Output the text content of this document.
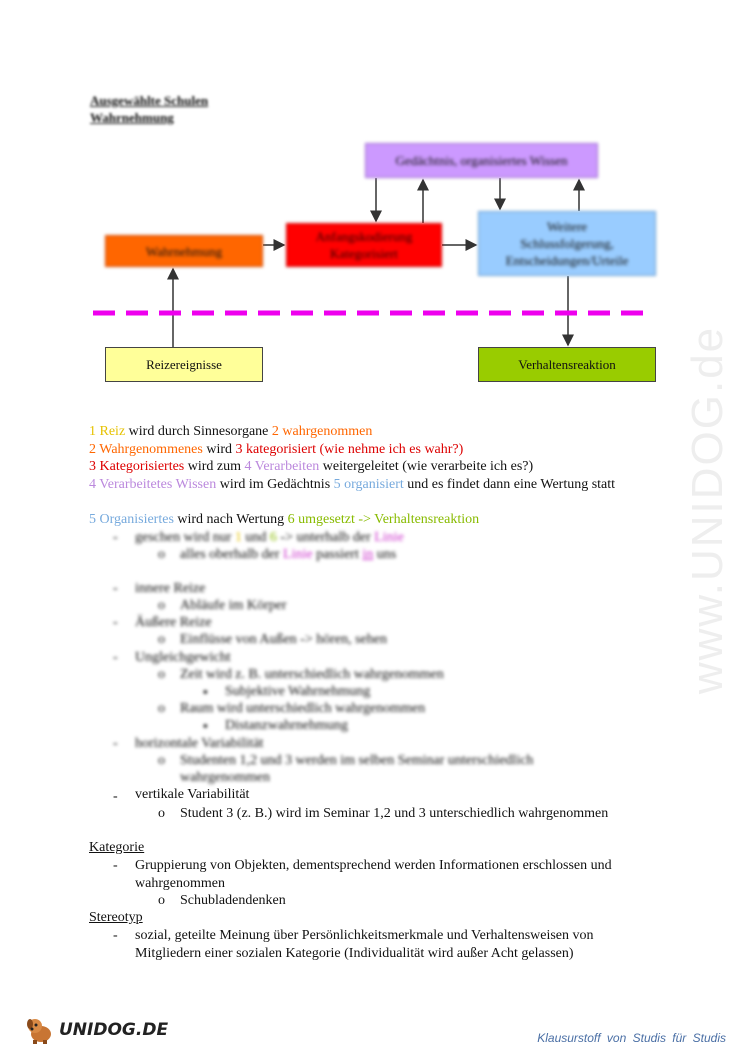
Ausgewählte Schulen
Wahrnehmung
Gedächtnis, organisiertes Wissen
Wahrnehmung
Anfangskodierung
Kategorisiert
Weitere
Schlussfolgerung,
Entscheidungen/Urteile
Reizereignisse	Verhaltensreaktion
1 Reiz wird durch Sinnesorgane 2 wahrgenommen
2 Wahrgenommenes wird 3 kategorisiert (wie nehme ich es wahr?)
3 Kategorisiertes wird zum 4 Verarbeiten weitergeleitet (wie verarbeite ich es?)
4 Verarbeitetes Wissen wird im Gedächtnis 5 organisiert und es findet dann eine Wertung statt
5 Organisiertes wird nach Wertung 6 umgesetzt -> Verhaltensreaktion
- geschen wird nur 1 und 6 -> unterhalb der Linie
o alles oberhalb der Linie passiert in uns
- innere Reize
o Abläufe im Körper
- Äußere Reize
o Einflüsse von Außen -> hören, sehen
- Ungleichgewicht
o Zeit wird z. B. unterschiedlich wahrgenommen
▪ Subjektive Wahrnehmung
o Raum wird unterschiedlich wahrgenommen
▪ Distanzwahrnehmung
- horizontale Variabilität
o Studenten 1,2 und 3 werden im selben Seminar unterschiedlich
wahrgenommen
- vertikale Variabilität
o Student 3 (z. B.) wird im Seminar 1,2 und 3 unterschiedlich wahrgenommen
Kategorie
- Gruppierung von Objekten, dementsprechend werden Informationen erschlossen und
wahrgenommen
o Schubladendenken
Stereotyp
- sozial, geteilte Meinung über Persönlichkeitsmerkmale und Verhaltensweisen von
Mitgliedern einer sozialen Kategorie (Individualität wird außer Acht gelassen)
www.UNIDOG.de
UNIDOG.DE	Klausurstoff von Studis für Studis
